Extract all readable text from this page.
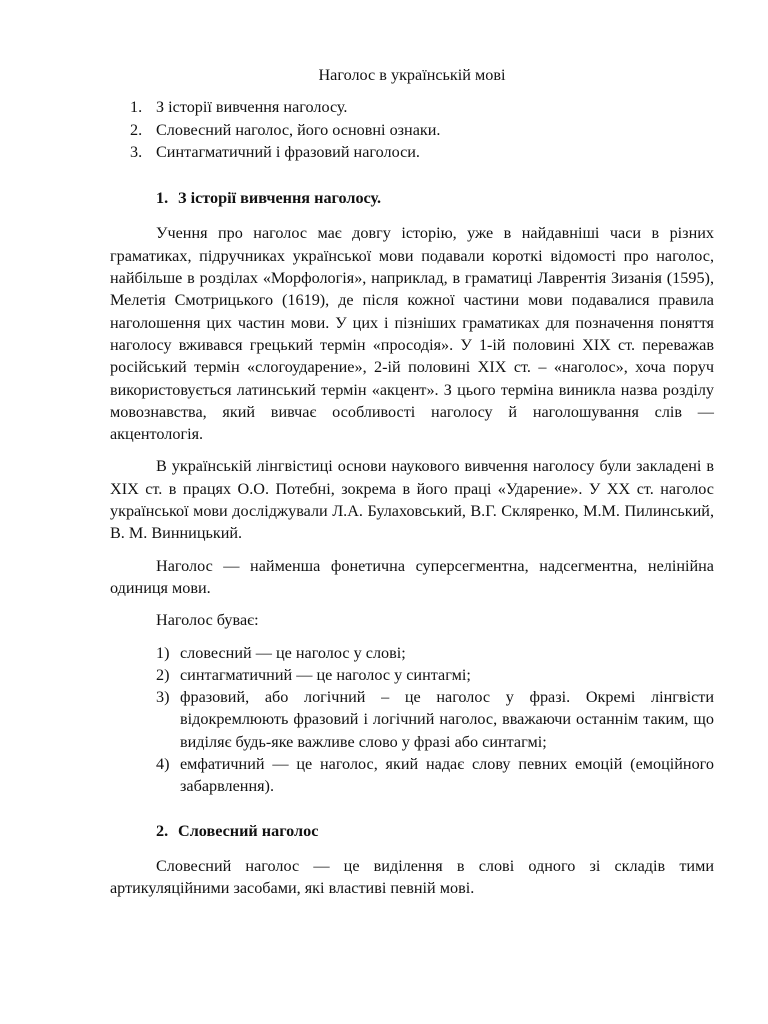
Наголос в українській мові
1. З історії вивчення наголосу.
2. Словесний наголос, його основні ознаки.
3. Синтагматичний і фразовий наголоси.
1. З історії вивчення наголосу.

Учення про наголос має довгу історію, уже в найдавніші часи в різних граматиках, підручниках української мови подавали короткі відомості про наголос, найбільше в розділах «Морфологія», наприклад, в граматиці Лаврентія Зизанія (1595), Мелетія Смотрицького (1619), де після кожної частини мови подавалися правила наголошення цих частин мови. У цих і пізніших граматиках для позначення поняття наголосу вживався грецький термін «просодія». У 1-ій половині XIX ст. переважав російський термін «слогоударение», 2-ій половині XIX ст. – «наголос», хоча поруч використовується латинський термін «акцент». З цього терміна виникла назва розділу мовознавства, який вивчає особливості наголосу й наголошування слів — акцентологія.

В українській лінгвістиці основи наукового вивчення наголосу були закладені в XIX ст. в працях О.О. Потебні, зокрема в його праці «Ударение». У XX ст. наголос української мови досліджували Л.А. Булаховський, В.Г. Скляренко, М.М. Пилинський, В. М. Винницький.

Наголос — найменша фонетична суперсегментна, надсегментна, нелінійна одиниця мови.

Наголос буває:

1) словесний — це наголос у слові;
2) синтагматичний — це наголос у синтагмі;
3) фразовий, або логічний – це наголос у фразі. Окремі лінгвісти відокремлюють фразовий і логічний наголос, вважаючи останнім таким, що виділяє будь-яке важливе слово у фразі або синтагмі;
4) емфатичний — це наголос, який надає слову певних емоцій (емоційного забарвлення).
2. Словесний наголос

Словесний наголос — це виділення в слові одного зі складів тими артикуляційними засобами, які властиві певній мові.
